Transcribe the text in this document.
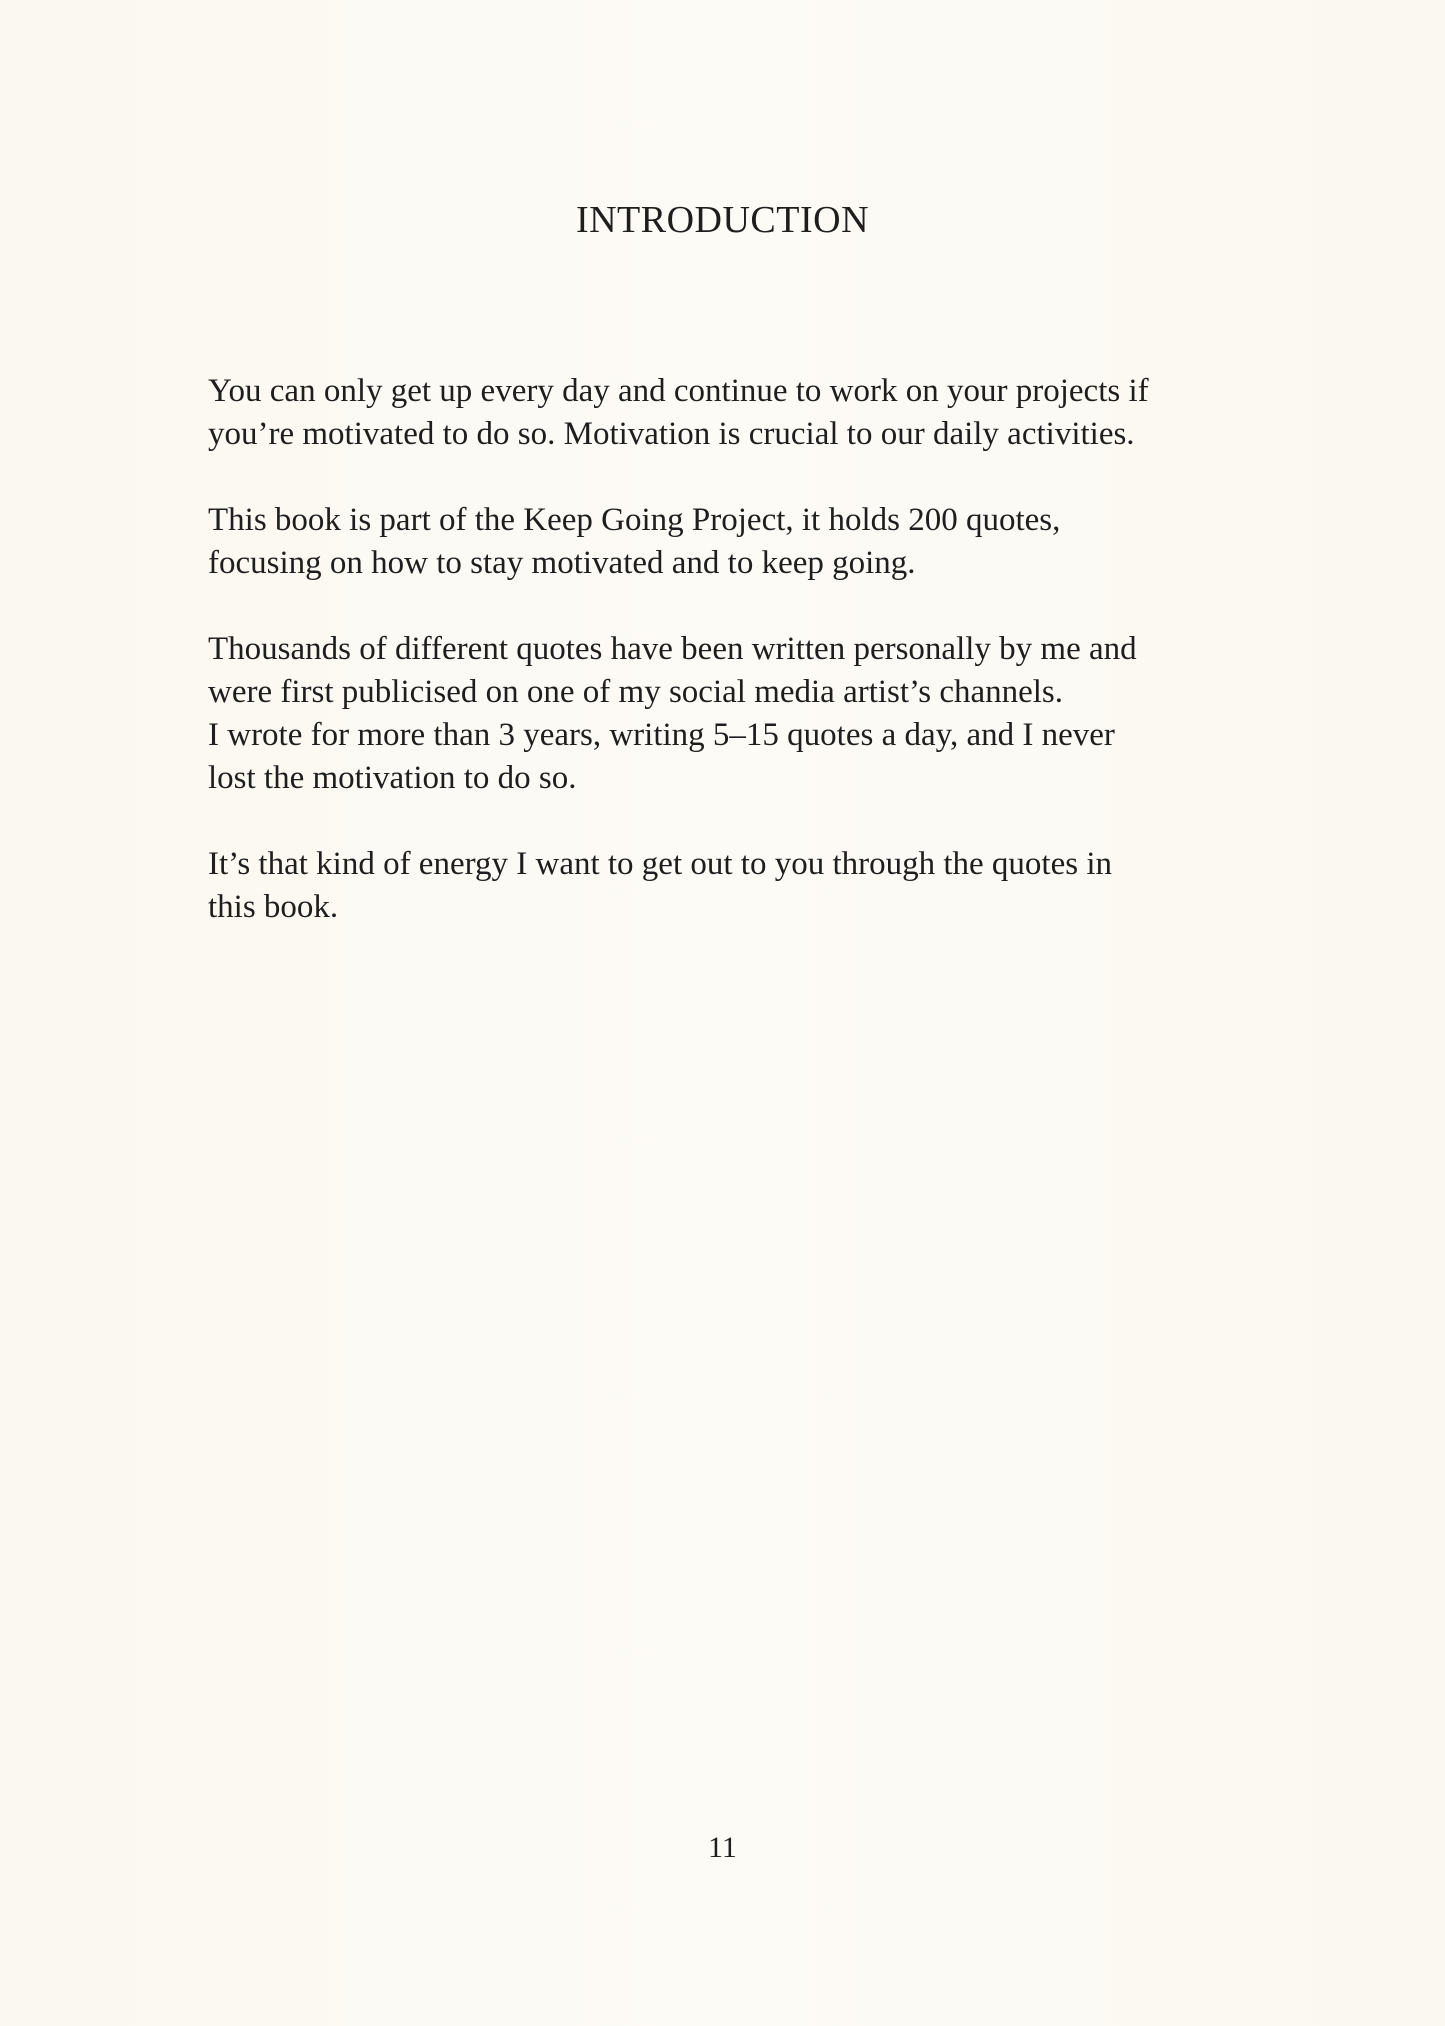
INTRODUCTION

You can only get up every day and continue to work on your projects if
you’re motivated to do so. Motivation is crucial to our daily activities.

This book is part of the Keep Going Project, it holds 200 quotes,
focusing on how to stay motivated and to keep going.

Thousands of different quotes have been written personally by me and
were first publicised on one of my social media artist’s channels.
I wrote for more than 3 years, writing 5–15 quotes a day, and I never
lost the motivation to do so.

It’s that kind of energy I want to get out to you through the quotes in
this book.

11
